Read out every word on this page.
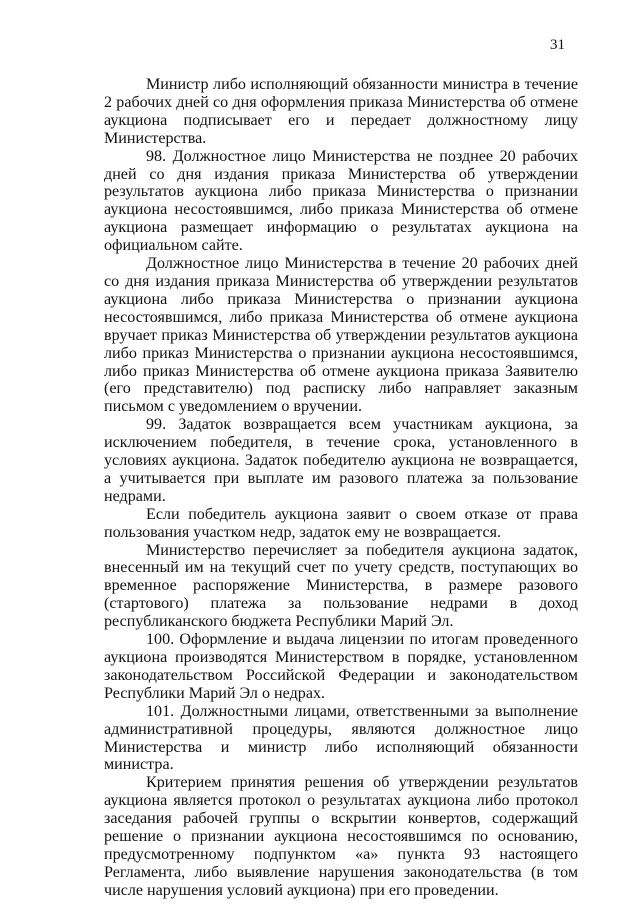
31

Министр либо исполняющий обязанности министра в течение 2 рабочих дней со дня оформления приказа Министерства об отмене аукциона подписывает его и передает должностному лицу Министерства.

98. Должностное лицо Министерства не позднее 20 рабочих дней со дня издания приказа Министерства об утверждении результатов аукциона либо приказа Министерства о признании аукциона несостоявшимся, либо приказа Министерства об отмене аукциона размещает информацию о результатах аукциона на официальном сайте.

Должностное лицо Министерства в течение 20 рабочих дней со дня издания приказа Министерства об утверждении результатов аукциона либо приказа Министерства о признании аукциона несостоявшимся, либо приказа Министерства об отмене аукциона вручает приказ Министерства об утверждении результатов аукциона либо приказ Министерства о признании аукциона несостоявшимся, либо приказ Министерства об отмене аукциона приказа Заявителю (его представителю) под расписку либо направляет заказным письмом с уведомлением о вручении.

99. Задаток возвращается всем участникам аукциона, за исключением победителя, в течение срока, установленного в условиях аукциона. Задаток победителю аукциона не возвращается, а учитывается при выплате им разового платежа за пользование недрами.

Если победитель аукциона заявит о своем отказе от права пользования участком недр, задаток ему не возвращается.

Министерство перечисляет за победителя аукциона задаток, внесенный им на текущий счет по учету средств, поступающих во временное распоряжение Министерства, в размере разового (стартового) платежа за пользование недрами в доход республиканского бюджета Республики Марий Эл.

100. Оформление и выдача лицензии по итогам проведенного аукциона производятся Министерством в порядке, установленном законодательством Российской Федерации и законодательством Республики Марий Эл о недрах.

101. Должностными лицами, ответственными за выполнение административной процедуры, являются должностное лицо Министерства и министр либо исполняющий обязанности министра.

Критерием принятия решения об утверждении результатов аукциона является протокол о результатах аукциона либо протокол заседания рабочей группы о вскрытии конвертов, содержащий решение о признании аукциона несостоявшимся по основанию, предусмотренному подпунктом «а» пункта 93 настоящего Регламента, либо выявление нарушения законодательства (в том числе нарушения условий аукциона) при его проведении.
